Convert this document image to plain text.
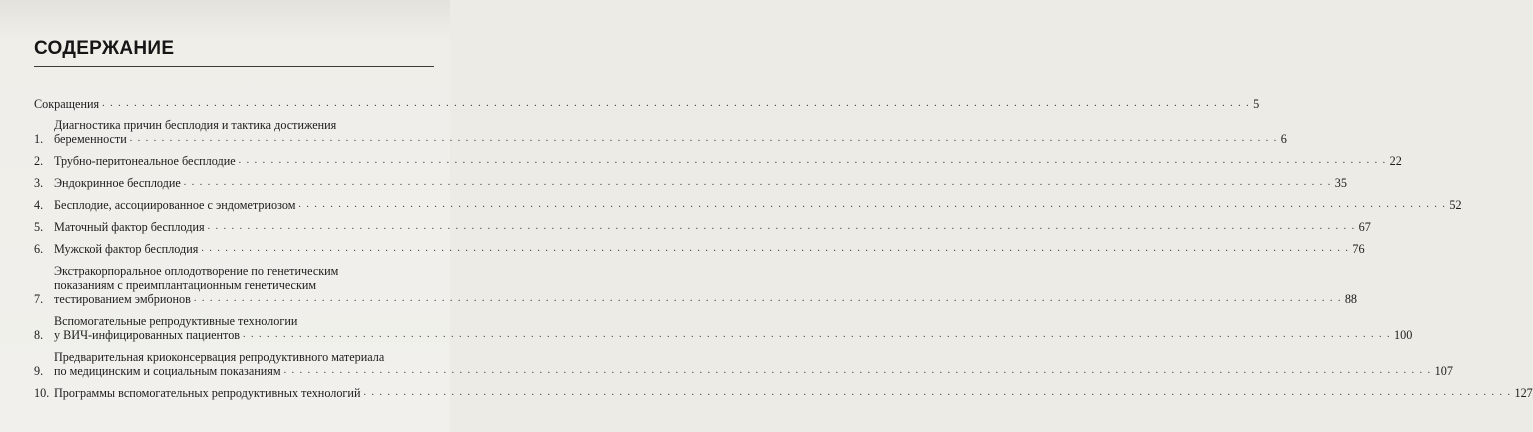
СОДЕРЖАНИЕ
Сокращения . . .	5
1.
Диагностика причин бесплодия и тактика достижения
беременности . . .	6
2. Трубно-перитонеальное бесплодие . . .	22
3. Эндокринное бесплодие . . .	35
4. Бесплодие, ассоциированное с эндометриозом . . .	52
5. Маточный фактор бесплодия . . .	67
6. Мужской фактор бесплодия . . .	76
7.
Экстракорпоральное оплодотворение по генетическим
показаниям с преимплантационным генетическим
тестированием эмбрионов . . .	88
8.
Вспомогательные репродуктивные технологии
у ВИЧ-инфицированных пациентов . . .	100
9.
Предварительная криоконсервация репродуктивного материала
по медицинским и социальным показаниям . . .	107
10. Программы вспомогательных репродуктивных технологий . . .	127
